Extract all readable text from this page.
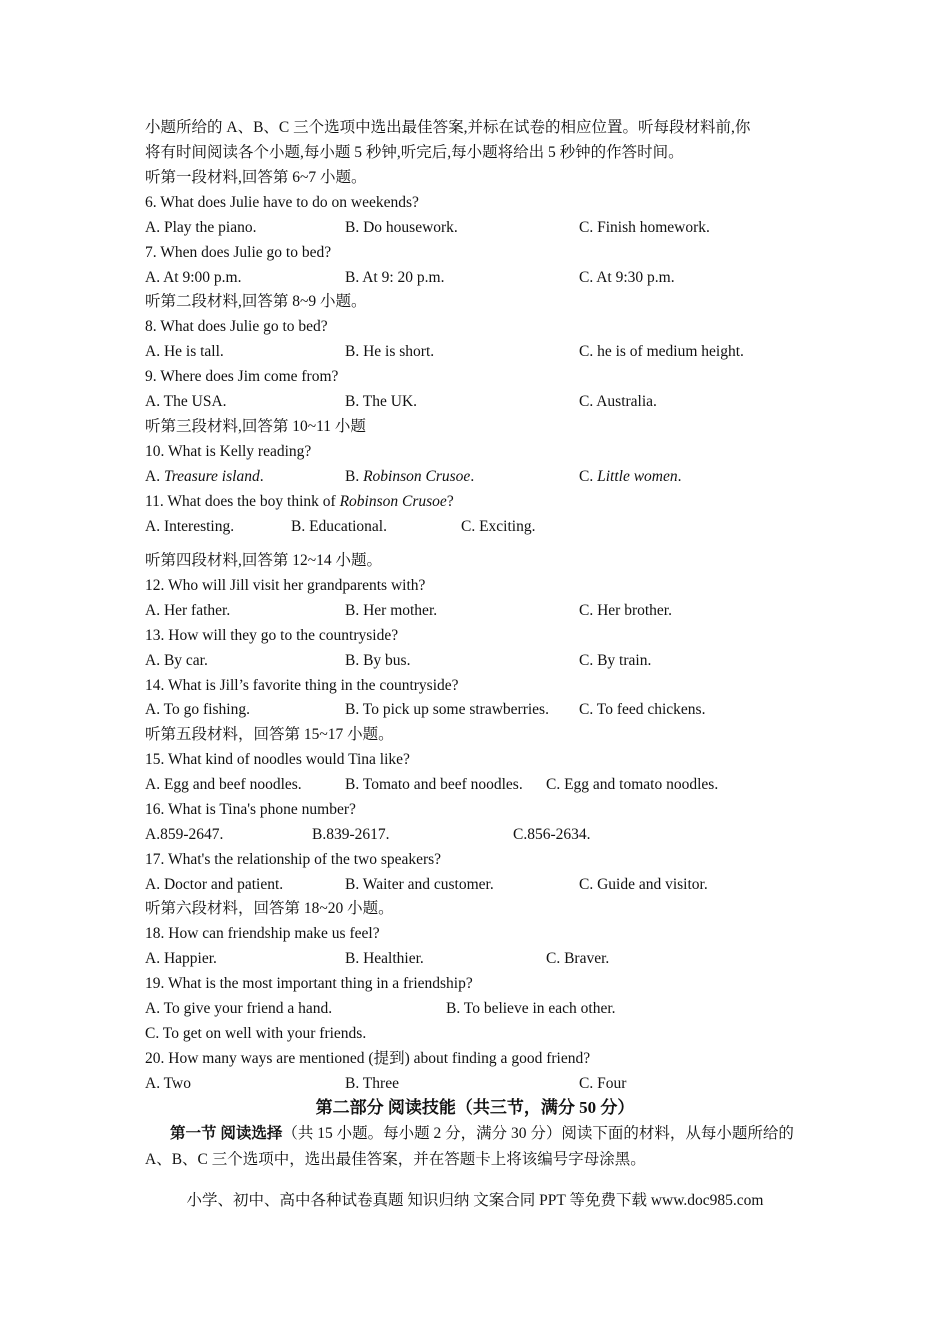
小题所给的 A、B、C 三个选项中选出最佳答案,并标在试卷的相应位置。听每段材料前,你
将有时间阅读各个小题,每小题 5 秒钟,听完后,每小题将给出 5 秒钟的作答时间。
听第一段材料,回答第 6~7 小题。
6. What does Julie have to do on weekends?
A. Play the piano.	B. Do housework.	C. Finish homework.
7. When does Julie go to bed?
A. At 9:00 p.m.	B. At 9: 20 p.m.	C. At 9:30 p.m.
听第二段材料,回答第 8~9 小题。
8. What does Julie go to bed?
A. He is tall.	B. He is short.	C. he is of medium height.
9. Where does Jim come from?
A. The USA.	B. The UK.	C. Australia.
听第三段材料,回答第 10~11 小题
10. What is Kelly reading?
A. Treasure island.	B. Robinson Crusoe.	C. Little women.
11. What does the boy think of Robinson Crusoe?
A. Interesting.	B. Educational.	C. Exciting.
听第四段材料,回答第 12~14 小题。
12. Who will Jill visit her grandparents with?
A. Her father.	B. Her mother.	C. Her brother.
13. How will they go to the countryside?
A. By car.	B. By bus.	C. By train.
14. What is Jill’s favorite thing in the countryside?
A. To go fishing.	B. To pick up some strawberries. C. To feed chickens.
听第五段材料，回答第 15~17 小题。
15. What kind of noodles would Tina like?
A. Egg and beef noodles.	B. Tomato and beef noodles. C. Egg and tomato noodles.
16. What is Tina's phone number?
A.859-2647.	B.839-2617.	C.856-2634.
17. What's the relationship of the two speakers?
A. Doctor and patient.	B. Waiter and customer.	C. Guide and visitor.
听第六段材料，回答第 18~20 小题。
18. How can friendship make us feel?
A. Happier.	B. Healthier.	C. Braver.
19. What is the most important thing in a friendship?
A. To give your friend a hand.	B. To believe in each other.
C. To get on well with your friends.
20. How many ways are mentioned (提到) about finding a good friend?
A. Two	B. Three	C. Four
第二部分 阅读技能（共三节，满分 50 分）
第一节 阅读选择（共 15 小题。每小题 2 分，满分 30 分）阅读下面的材料，从每小题所给的 A、B、C 三个选项中，选出最佳答案，并在答题卡上将该编号字母涂黑。
小学、初中、高中各种试卷真题 知识归纳 文案合同 PPT 等免费下载 www.doc985.com
